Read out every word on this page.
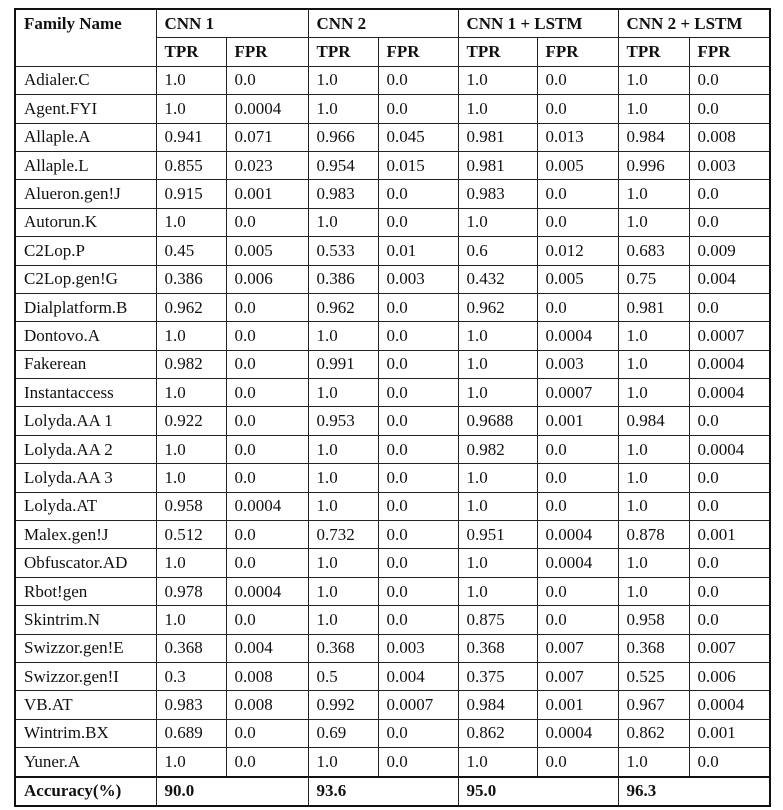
Family Name	CNN 1		CNN 2		CNN 1 + LSTM		CNN 2 + LSTM	
	TPR	FPR	TPR	FPR	TPR	FPR	TPR	FPR
Adialer.C	1.0	0.0	1.0	0.0	1.0	0.0	1.0	0.0
Agent.FYI	1.0	0.0004	1.0	0.0	1.0	0.0	1.0	0.0
Allaple.A	0.941	0.071	0.966	0.045	0.981	0.013	0.984	0.008
Allaple.L	0.855	0.023	0.954	0.015	0.981	0.005	0.996	0.003
Alueron.gen!J	0.915	0.001	0.983	0.0	0.983	0.0	1.0	0.0
Autorun.K	1.0	0.0	1.0	0.0	1.0	0.0	1.0	0.0
C2Lop.P	0.45	0.005	0.533	0.01	0.6	0.012	0.683	0.009
C2Lop.gen!G	0.386	0.006	0.386	0.003	0.432	0.005	0.75	0.004
Dialplatform.B	0.962	0.0	0.962	0.0	0.962	0.0	0.981	0.0
Dontovo.A	1.0	0.0	1.0	0.0	1.0	0.0004	1.0	0.0007
Fakerean	0.982	0.0	0.991	0.0	1.0	0.003	1.0	0.0004
Instantaccess	1.0	0.0	1.0	0.0	1.0	0.0007	1.0	0.0004
Lolyda.AA 1	0.922	0.0	0.953	0.0	0.9688	0.001	0.984	0.0
Lolyda.AA 2	1.0	0.0	1.0	0.0	0.982	0.0	1.0	0.0004
Lolyda.AA 3	1.0	0.0	1.0	0.0	1.0	0.0	1.0	0.0
Lolyda.AT	0.958	0.0004	1.0	0.0	1.0	0.0	1.0	0.0
Malex.gen!J	0.512	0.0	0.732	0.0	0.951	0.0004	0.878	0.001
Obfuscator.AD	1.0	0.0	1.0	0.0	1.0	0.0004	1.0	0.0
Rbot!gen	0.978	0.0004	1.0	0.0	1.0	0.0	1.0	0.0
Skintrim.N	1.0	0.0	1.0	0.0	0.875	0.0	0.958	0.0
Swizzor.gen!E	0.368	0.004	0.368	0.003	0.368	0.007	0.368	0.007
Swizzor.gen!I	0.3	0.008	0.5	0.004	0.375	0.007	0.525	0.006
VB.AT	0.983	0.008	0.992	0.0007	0.984	0.001	0.967	0.0004
Wintrim.BX	0.689	0.0	0.69	0.0	0.862	0.0004	0.862	0.001
Yuner.A	1.0	0.0	1.0	0.0	1.0	0.0	1.0	0.0
Accuracy(%)	90.0		93.6		95.0		96.3	
